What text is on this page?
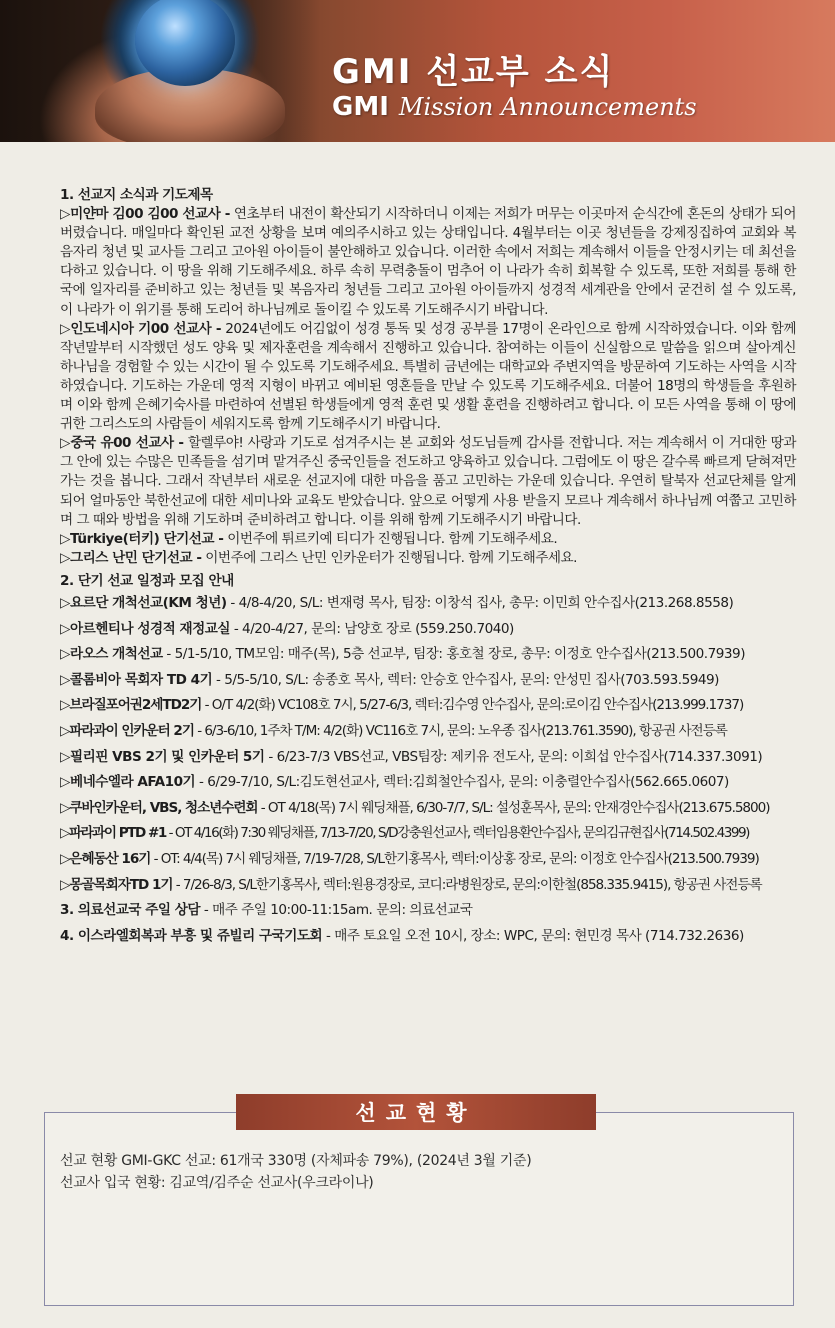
GMI 선교부 소식
GMI Mission Announcements
1. 선교지 소식과 기도제목

▷미얀마 김00 김00 선교사 - 연초부터 내전이 확산되기 시작하더니 이제는 저희가 머무는 이곳마저 순식간에 혼돈의 상태가 되어버렸습니다. 매일마다 확인된 교전 상황을 보며 예의주시하고 있는 상태입니다. 4월부터는 이곳 청년들을 강제징집하여 교회와 복음자리 청년 및 교사들 그리고 고아원 아이들이 불안해하고 있습니다. 이러한 속에서 저희는 계속해서 이들을 안정시키는 데 최선을 다하고 있습니다. 이 땅을 위해 기도해주세요. 하루 속히 무력충돌이 멈추어 이 나라가 속히 회복할 수 있도록, 또한 저희를 통해 한국에 일자리를 준비하고 있는 청년들 및 복음자리 청년들 그리고 고아원 아이들까지 성경적 세계관을 안에서 굳건히 설 수 있도록, 이 나라가 이 위기를 통해 도리어 하나님께로 돌이킬 수 있도록 기도해주시기 바랍니다.

▷인도네시아 기00 선교사 - 2024년에도 어김없이 성경 통독 및 성경 공부를 17명이 온라인으로 함께 시작하였습니다. 이와 함께 작년말부터 시작했던 성도 양육 및 제자훈련을 계속해서 진행하고 있습니다. 참여하는 이들이 신실함으로 말씀을 읽으며 살아계신 하나님을 경험할 수 있는 시간이 될 수 있도록 기도해주세요. 특별히 금년에는 대학교와 주변지역을 방문하여 기도하는 사역을 시작하였습니다. 기도하는 가운데 영적 지형이 바뀌고 예비된 영혼들을 만날 수 있도록 기도해주세요. 더불어 18명의 학생들을 후원하며 이와 함께 은혜기숙사를 마련하여 선별된 학생들에게 영적 훈련 및 생활 훈련을 진행하려고 합니다. 이 모든 사역을 통해 이 땅에 귀한 그리스도의 사람들이 세워지도록 함께 기도해주시기 바랍니다.

▷중국 유00 선교사 - 할렐루야! 사랑과 기도로 섬겨주시는 본 교회와 성도님들께 감사를 전합니다. 저는 계속해서 이 거대한 땅과 그 안에 있는 수많은 민족들을 섬기며 맡겨주신 중국인들을 전도하고 양육하고 있습니다. 그럼에도 이 땅은 갈수록 빠르게 닫혀져만 가는 것을 봅니다. 그래서 작년부터 새로운 선교지에 대한 마음을 품고 고민하는 가운데 있습니다. 우연히 탈북자 선교단체를 알게 되어 얼마동안 북한선교에 대한 세미나와 교육도 받았습니다. 앞으로 어떻게 사용 받을지 모르나 계속해서 하나님께 여쭙고 고민하며 그 때와 방법을 위해 기도하며 준비하려고 합니다. 이를 위해 함께 기도해주시기 바랍니다.

▷Türkiye(터키) 단기선교 - 이번주에 튀르키예 티디가 진행됩니다. 함께 기도해주세요.

▷그리스 난민 단기선교 - 이번주에 그리스 난민 인카운터가 진행됩니다. 함께 기도해주세요.

2. 단기 선교 일정과 모집 안내
▷요르단 개척선교(KM 청년) - 4/8-4/20, S/L: 변재령 목사, 팀장: 이창석 집사, 총무: 이민희 안수집사(213.268.8558)
▷아르헨티나 성경적 재정교실 - 4/20-4/27, 문의: 남양호 장로 (559.250.7040)
▷라오스 개척선교 - 5/1-5/10, TM모임: 매주(목), 5층 선교부, 팀장: 홍호철 장로, 총무: 이정호 안수집사(213.500.7939)
▷콜롬비아 목회자 TD 4기 - 5/5-5/10, S/L: 송종호 목사, 렉터: 안승호 안수집사, 문의: 안성민 집사(703.593.5949)
▷브라질포어권2세TD2기 - O/T 4/2(화) VC108호 7시, 5/27-6/3, 렉터:김수영 안수집사, 문의:로이김 안수집사(213.999.1737)
▷파라과이 인카운터 2기 - 6/3-6/10, 1주차 T/M: 4/2(화) VC116호 7시, 문의: 노우종 집사(213.761.3590), 항공권 사전등록
▷필리핀 VBS 2기 및 인카운터 5기 - 6/23-7/3 VBS선교, VBS팀장: 제키유 전도사, 문의: 이희섭 안수집사(714.337.3091)
▷베네수엘라 AFA10기 - 6/29-7/10, S/L:김도현선교사, 렉터:김희철안수집사, 문의: 이충렬안수집사(562.665.0607)
▷쿠바인카운터, VBS, 청소년수련회 - OT 4/18(목) 7시 웨딩채플, 6/30-7/7, S/L: 설성훈목사, 문의: 안재경안수집사(213.675.5800)
▷파라과이 PTD #1 - OT 4/16(화) 7:30 웨딩채플, 7/13-7/20, S/D강충원선교사, 렉터임용환안수집사, 문의김규현집사(714.502.4399)
▷은혜동산 16기 - OT: 4/4(목) 7시 웨딩채플, 7/19-7/28, S/L한기홍목사, 렉터:이상홍 장로, 문의: 이정호 안수집사(213.500.7939)
▷몽골목회자TD 1기 - 7/26-8/3, S/L한기홍목사, 렉터:원용경장로, 코디:라병원장로, 문의:이한철(858.335.9415), 항공권 사전등록
3. 의료선교국 주일 상담 - 매주 주일 10:00-11:15am. 문의: 의료선교국
4. 이스라엘회복과 부흥 및 쥬빌리 구국기도회 - 매주 토요일 오전 10시, 장소: WPC, 문의: 현민경 목사 (714.732.2636)
선교현황
선교 현황 GMI-GKC 선교: 61개국 330명 (자체파송 79%), (2024년 3월 기준)
선교사 입국 현황: 김교역/김주순 선교사(우크라이나)
